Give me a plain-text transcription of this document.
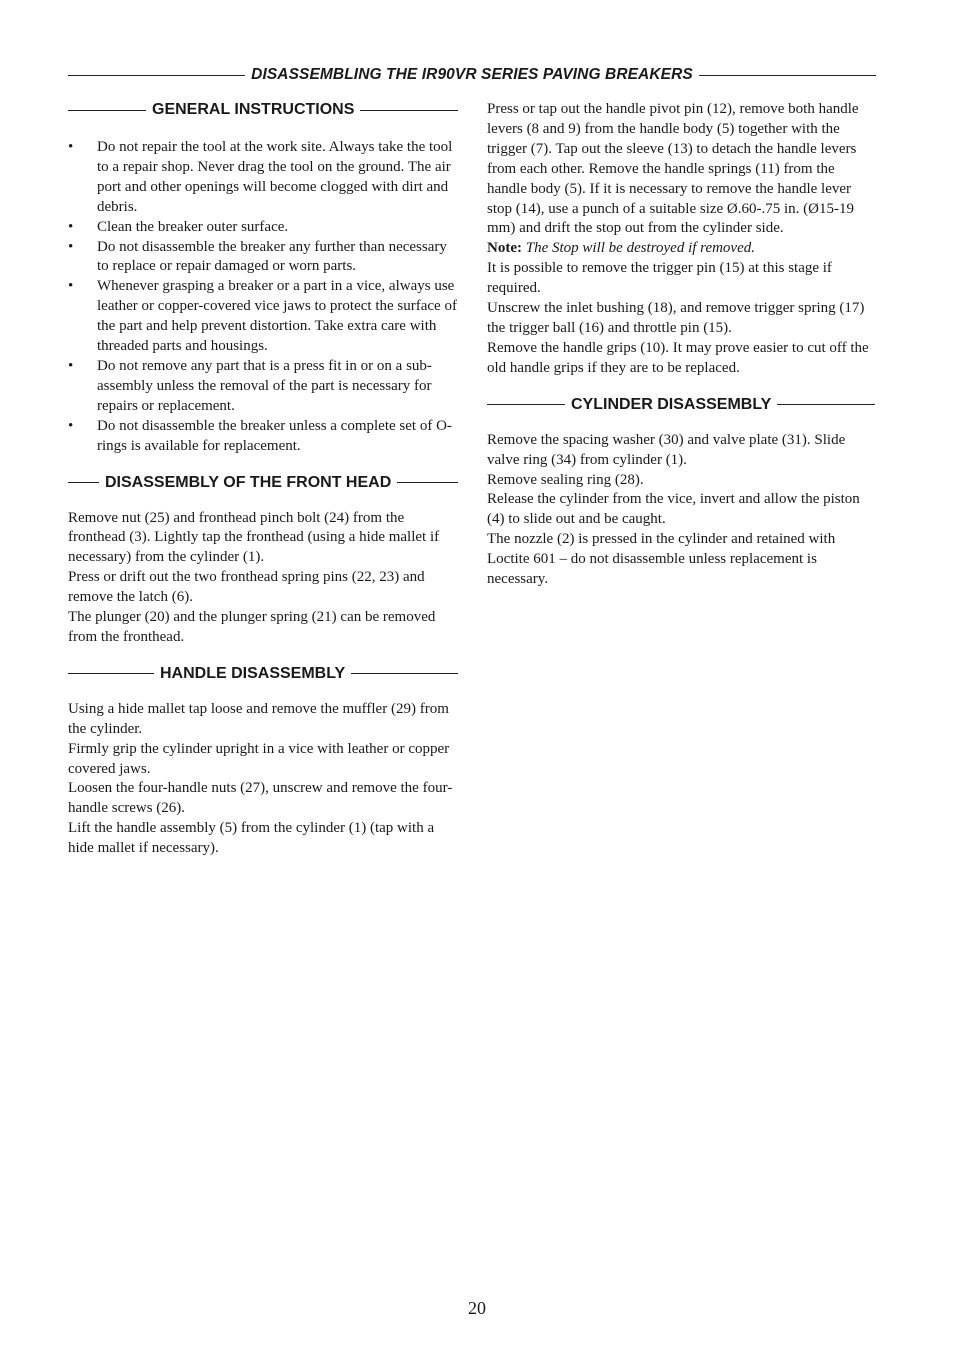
DISASSEMBLING THE IR90VR SERIES PAVING BREAKERS
GENERAL INSTRUCTIONS
• Do not repair the tool at the work site. Always take the tool to a repair shop. Never drag the tool on the ground. The air port and other openings will become clogged with dirt and debris.
• Clean the breaker outer surface.
• Do not disassemble the breaker any further than necessary to replace or repair damaged or worn parts.
• Whenever grasping a breaker or a part in a vice, always use leather or copper-covered vice jaws to protect the surface of the part and help prevent distortion. Take extra care with threaded parts and housings.
• Do not remove any part that is a press fit in or on a sub-assembly unless the removal of the part is necessary for repairs or replacement.
• Do not disassemble the breaker unless a complete set of O-rings is available for replacement.
DISASSEMBLY OF THE FRONT HEAD

Remove nut (25) and fronthead pinch bolt (24) from the fronthead (3). Lightly tap the fronthead (using a hide mallet if necessary) from the cylinder (1).

Press or drift out the two fronthead spring pins (22, 23) and remove the latch (6).

The plunger (20) and the plunger spring (21) can be removed from the fronthead.

HANDLE DISASSEMBLY

Using a hide mallet tap loose and remove the muffler (29) from the cylinder.

Firmly grip the cylinder upright in a vice with leather or copper covered jaws.

Loosen the four-handle nuts (27), unscrew and remove the four-handle screws (26).

Lift the handle assembly (5) from the cylinder (1) (tap with a hide mallet if necessary).

Press or tap out the handle pivot pin (12), remove both handle levers (8 and 9) from the handle body (5) together with the trigger (7). Tap out the sleeve (13) to detach the handle levers from each other. Remove the handle springs (11) from the handle body (5). If it is necessary to remove the handle lever stop (14), use a punch of a suitable size Ø.60-.75 in. (Ø15-19 mm) and drift the stop out from the cylinder side.

Note: The Stop will be destroyed if removed.

It is possible to remove the trigger pin (15) at this stage if required.

Unscrew the inlet bushing (18), and remove trigger spring (17) the trigger ball (16) and throttle pin (15).

Remove the handle grips (10). It may prove easier to cut off the old handle grips if they are to be replaced.

CYLINDER DISASSEMBLY

Remove the spacing washer (30) and valve plate (31). Slide valve ring (34) from cylinder (1).

Remove sealing ring (28).

Release the cylinder from the vice, invert and allow the piston (4) to slide out and be caught.

The nozzle (2) is pressed in the cylinder and retained with Loctite 601 – do not disassemble unless replacement is necessary.

20
